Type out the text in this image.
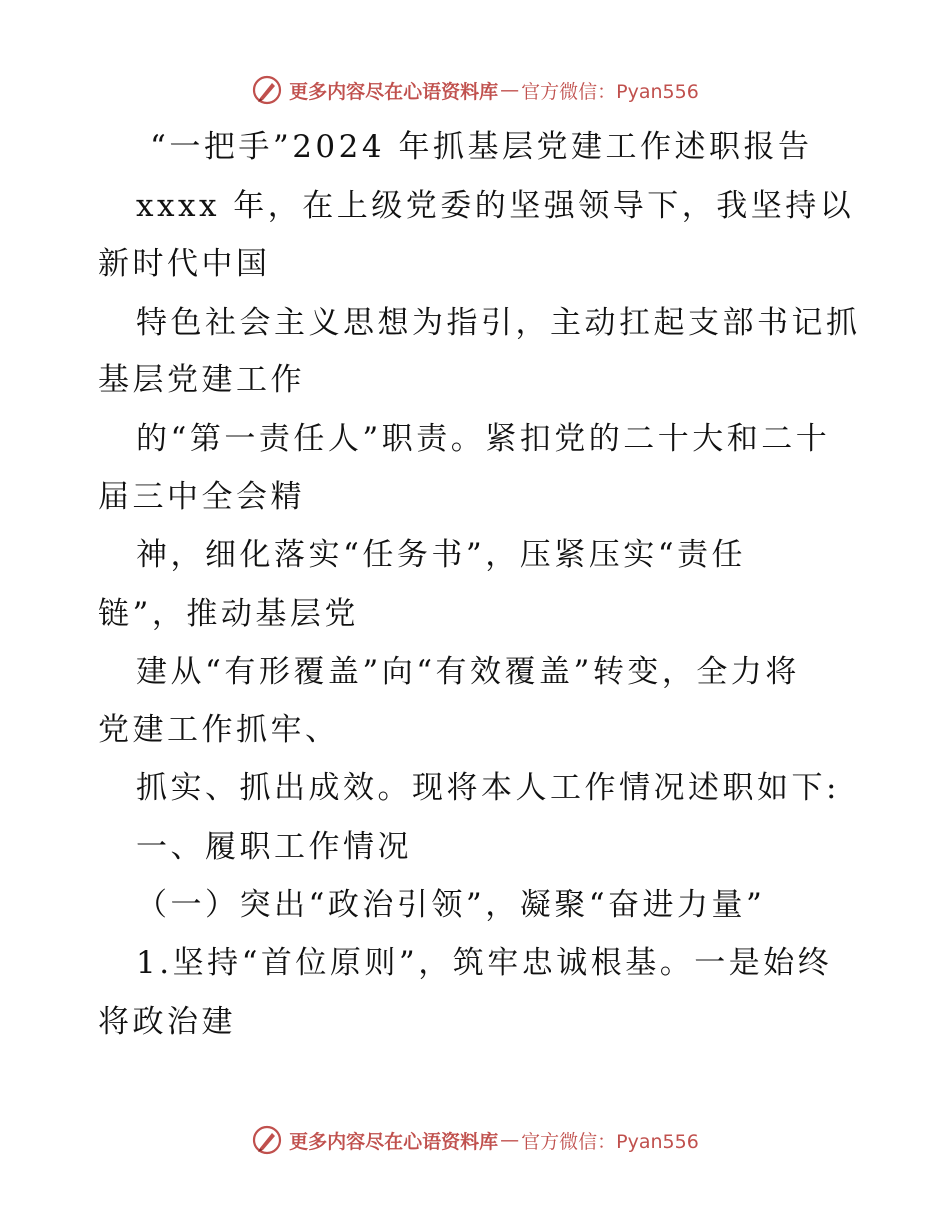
更多内容尽在心语资料库 — 官方微信：Pyan556
“一把手”2024 年抓基层党建工作述职报告
xxxx 年，在上级党委的坚强领导下，我坚持以
新时代中国
特色社会主义思想为指引，主动扛起支部书记抓
基层党建工作
的“第一责任人”职责。紧扣党的二十大和二十
届三中全会精
神，细化落实“任务书”，压紧压实“责任
链”，推动基层党
建从“有形覆盖”向“有效覆盖”转变，全力将
党建工作抓牢、
抓实、抓出成效。现将本人工作情况述职如下:
一、履职工作情况
（一）突出“政治引领”，凝聚“奋进力量”
1.坚持“首位原则”，筑牢忠诚根基。一是始终
将政治建
更多内容尽在心语资料库 — 官方微信：Pyan556
